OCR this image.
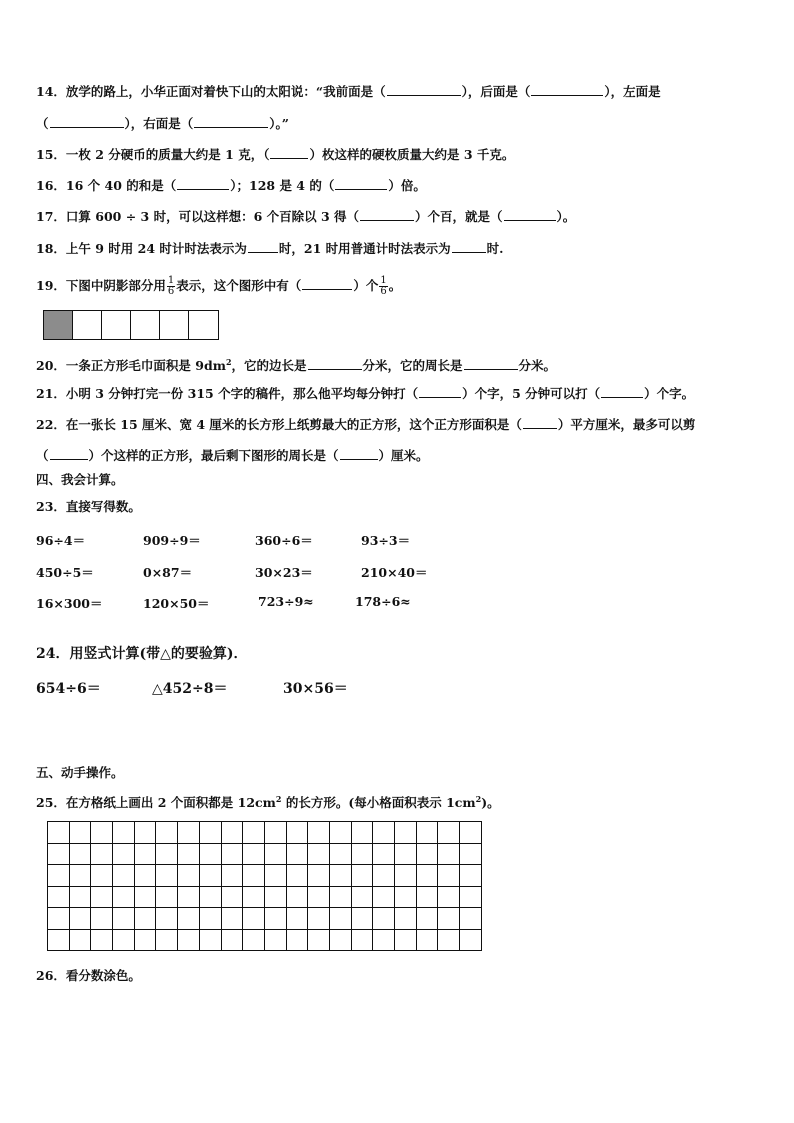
14．放学的路上，小华正面对着快下山的太阳说：“我前面是（	），后面是（	），左面是
（	），右面是（	）。”
15．一枚 2 分硬币的质量大约是 1 克，（	）枚这样的硬枚质量大约是 3 千克。
16．16 个 40 的和是（	）；128 是 4 的（	）倍。
17．口算 600 ÷ 3 时，可以这样想：6 个百除以 3 得（	）个百，就是（	）。
18．上午 9 时用 24 时计时法表示为	时，21 时用普通计时法表示为	时.
19．下图中阴影部分用 $\frac{1}{6}$ 表示，这个图形中有（	）个 $\frac{1}{6}$ 。
20．一条正方形毛巾面积是 $9dm^2$，它的边长是	分米，它的周长是	分米。
21．小明 3 分钟打完一份 315 个字的稿件，那么他平均每分钟打（	）个字，5 分钟可以打（	）个字。
22．在一张长 15 厘米、宽 4 厘米的长方形上纸剪最大的正方形，这个正方形面积是（	）平方厘米，最多可以剪
（	）个这样的正方形，最后剩下图形的周长是（	）厘米。
四、我会计算。
23．直接写得数。
96÷4＝	909÷9＝	360÷6＝	93÷3＝
450÷5＝	0×87＝	30×23＝	210×40＝
16×300＝	120×50＝	723÷9≈	178÷6≈
24．用竖式计算(带△的要验算)．
654÷6＝	△452÷8＝	30×56＝
五、动手操作。
25．在方格纸上画出 2 个面积都是 $12cm^2$ 的长方形。(每小格面积表示 $1cm^2$)。

26．看分数涂色。
